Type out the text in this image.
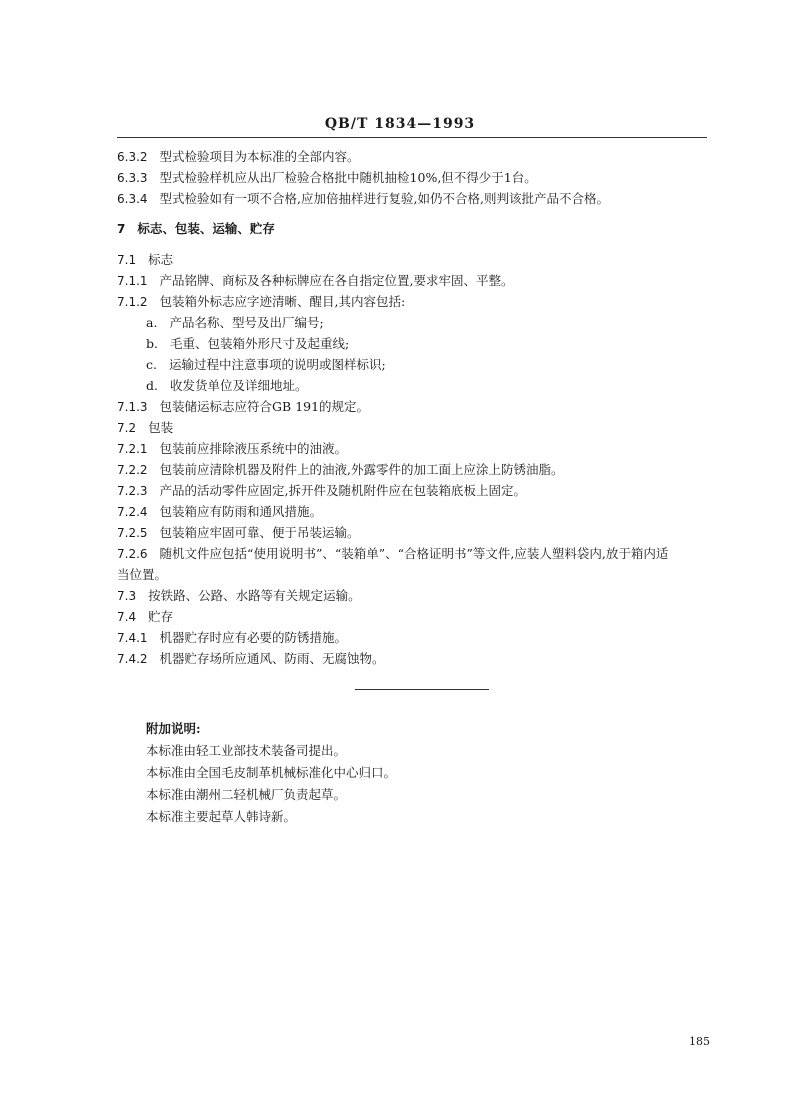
QB/T 1834—1993
6.3.2 型式检验项目为本标准的全部内容。
6.3.3 型式检验样机应从出厂检验合格批中随机抽检10%,但不得少于1台。
6.3.4 型式检验如有一项不合格,应加倍抽样进行复验,如仍不合格,则判该批产品不合格。
7 标志、包装、运输、贮存
7.1 标志
7.1.1 产品铭牌、商标及各种标牌应在各自指定位置,要求牢固、平整。
7.1.2 包装箱外标志应字迹清晰、醒目,其内容包括:
a. 产品名称、型号及出厂编号;
b. 毛重、包装箱外形尺寸及起重线;
c. 运输过程中注意事项的说明或图样标识;
d. 收发货单位及详细地址。
7.1.3 包装储运标志应符合GB 191的规定。
7.2 包装
7.2.1 包装前应排除液压系统中的油液。
7.2.2 包装前应清除机器及附件上的油液,外露零件的加工面上应涂上防锈油脂。
7.2.3 产品的活动零件应固定,拆开件及随机附件应在包装箱底板上固定。
7.2.4 包装箱应有防雨和通风措施。
7.2.5 包装箱应牢固可靠、便于吊装运输。
7.2.6 随机文件应包括“使用说明书”、“装箱单”、“合格证明书”等文件,应装人塑料袋内,放于箱内适
当位置。
7.3 按铁路、公路、水路等有关规定运输。
7.4 贮存
7.4.1 机器贮存时应有必要的防锈措施。
7.4.2 机器贮存场所应通风、防雨、无腐蚀物。
附加说明:
本标准由轻工业部技术装备司提出。
本标准由全国毛皮制革机械标准化中心归口。
本标准由潮州二轻机械厂负责起草。
本标准主要起草人韩诗新。
185
